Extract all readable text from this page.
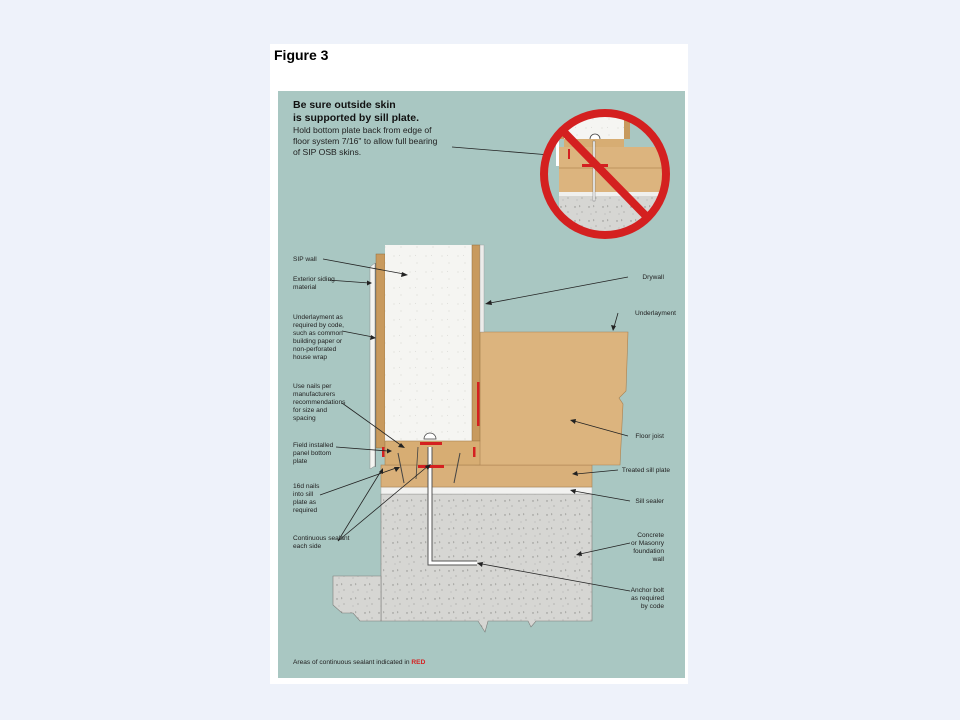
Figure 3
Be sure outside skin
is supported by sill plate.
Hold bottom plate back from edge of
floor system 7/16" to allow full bearing
of SIP OSB skins.
SIP wall
Exterior siding
material
Underlayment as
required by code,
such as common
building paper or
non-perforated
house wrap
Use nails per
manufacturers
recommendations
for size and
spacing
Field installed
panel bottom
plate
16d nails
into sill
plate as
required
Continuous sealant
each side
Drywall
Underlayment
Floor joist
Treated sill plate
Sill sealer
Concrete
or Masonry
foundation
wall
Anchor bolt
as required
by code
Areas of continuous sealant indicated in RED
